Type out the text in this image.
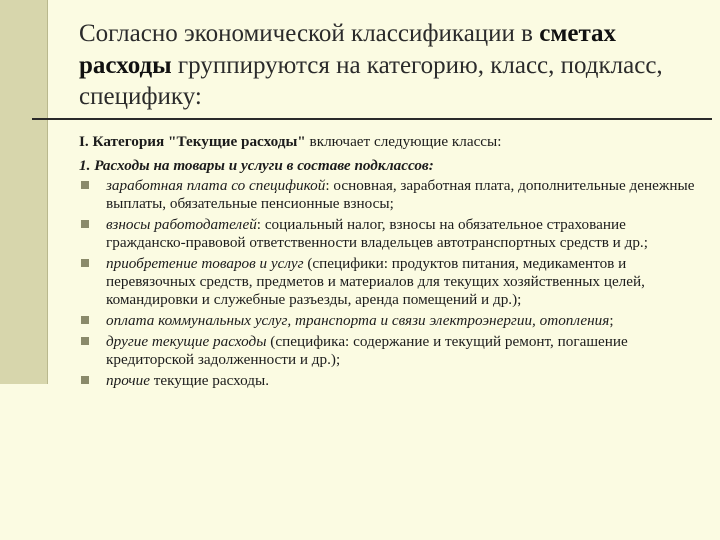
Согласно экономической классификации в сметах расходы группируются на категорию, класс, подкласс, специфику:

I. Категория "Текущие расходы" включает следующие классы:

1. Расходы на товары и услуги в составе подклассов:

заработная плата со спецификой: основная, заработная плата, дополнительные денежные выплаты, обязательные пенсионные взносы;
взносы работодателей: социальный налог, взносы на обязательное страхование гражданско-правовой ответственности владельцев автотранспортных средств и др.;
приобретение товаров и услуг (специфики: продуктов питания, медикаментов и перевязочных средств, предметов и материалов для текущих хозяйственных целей, командировки и служебные разъезды, аренда помещений и др.);
оплата коммунальных услуг, транспорта и связи электроэнергии, отопления;
другие текущие расходы (специфика: содержание и текущий ремонт, погашение кредиторской задолженности и др.);
прочие текущие расходы.
